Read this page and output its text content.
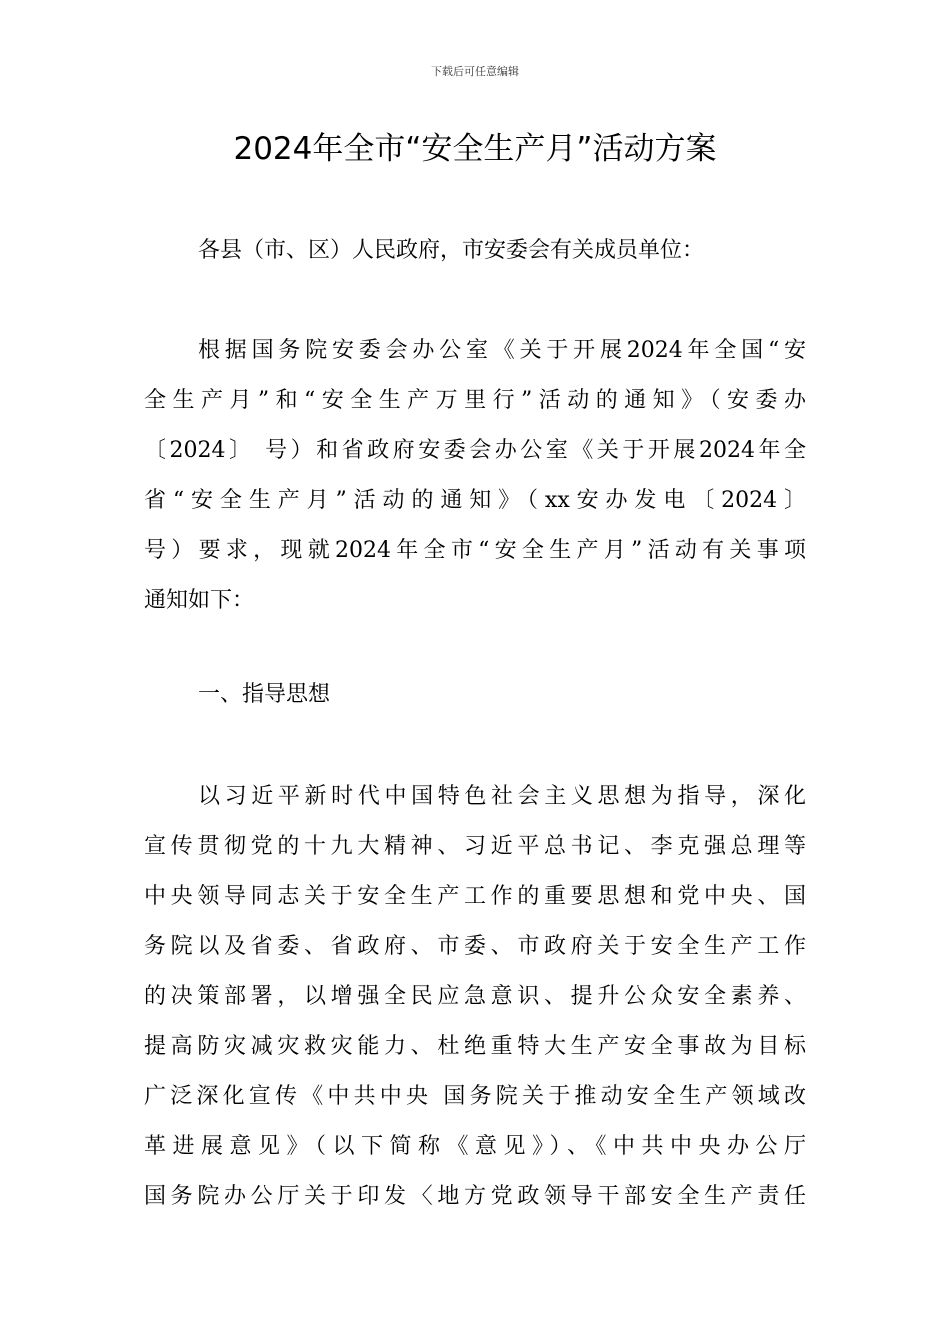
下载后可任意编辑
2024年全市“安全生产月”活动方案

各县（市、区）人民政府，市安委会有关成员单位：

根据国务院安委会办公室《关于开展2024年全国“安
全生产月”和“安全生产万里行”活动的通知》（安委办
〔2024〕 号）和省政府安委会办公室《关于开展2024年全
省“安全生产月”活动的通知》（xx安办发电〔2024〕
号）要求，现就2024年全市“安全生产月”活动有关事项
通知如下：
一、指导思想
以习近平新时代中国特色社会主义思想为指导，深化
宣传贯彻党的十九大精神、习近平总书记、李克强总理等
中央领导同志关于安全生产工作的重要思想和党中央、国
务院以及省委、省政府、市委、市政府关于安全生产工作
的决策部署，以增强全民应急意识、提升公众安全素养、
提高防灾减灾救灾能力、杜绝重特大生产安全事故为目标
广泛深化宣传《中共中央 国务院关于推动安全生产领域改
革进展意见》（以下简称《意见》）、《中共中央办公厅
国务院办公厅关于印发〈地方党政领导干部安全生产责任
